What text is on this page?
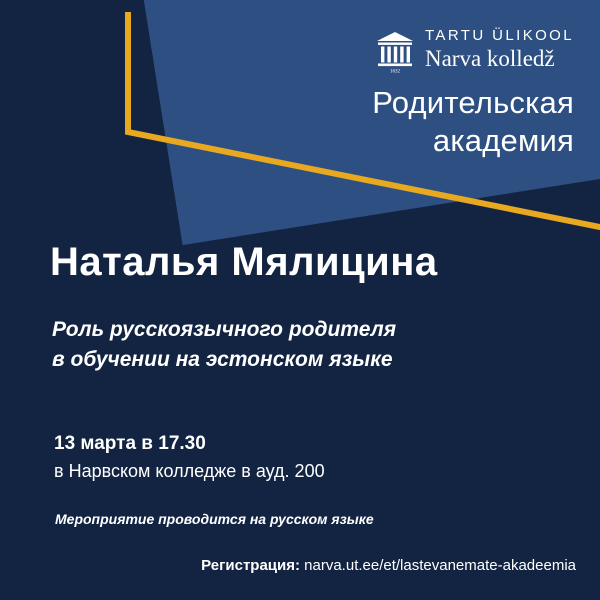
1632
TARTU ÜLIKOOL
Narva kolledž
Родительская
академия
Наталья Мялицина
Роль русскоязычного родителя
в обучении на эстонском языке
13 марта в 17.30
в Нарвском колледже в ауд. 200
Мероприятие проводится на русском языке
Регистрация: narva.ut.ee/et/lastevanemate-akadeemia
